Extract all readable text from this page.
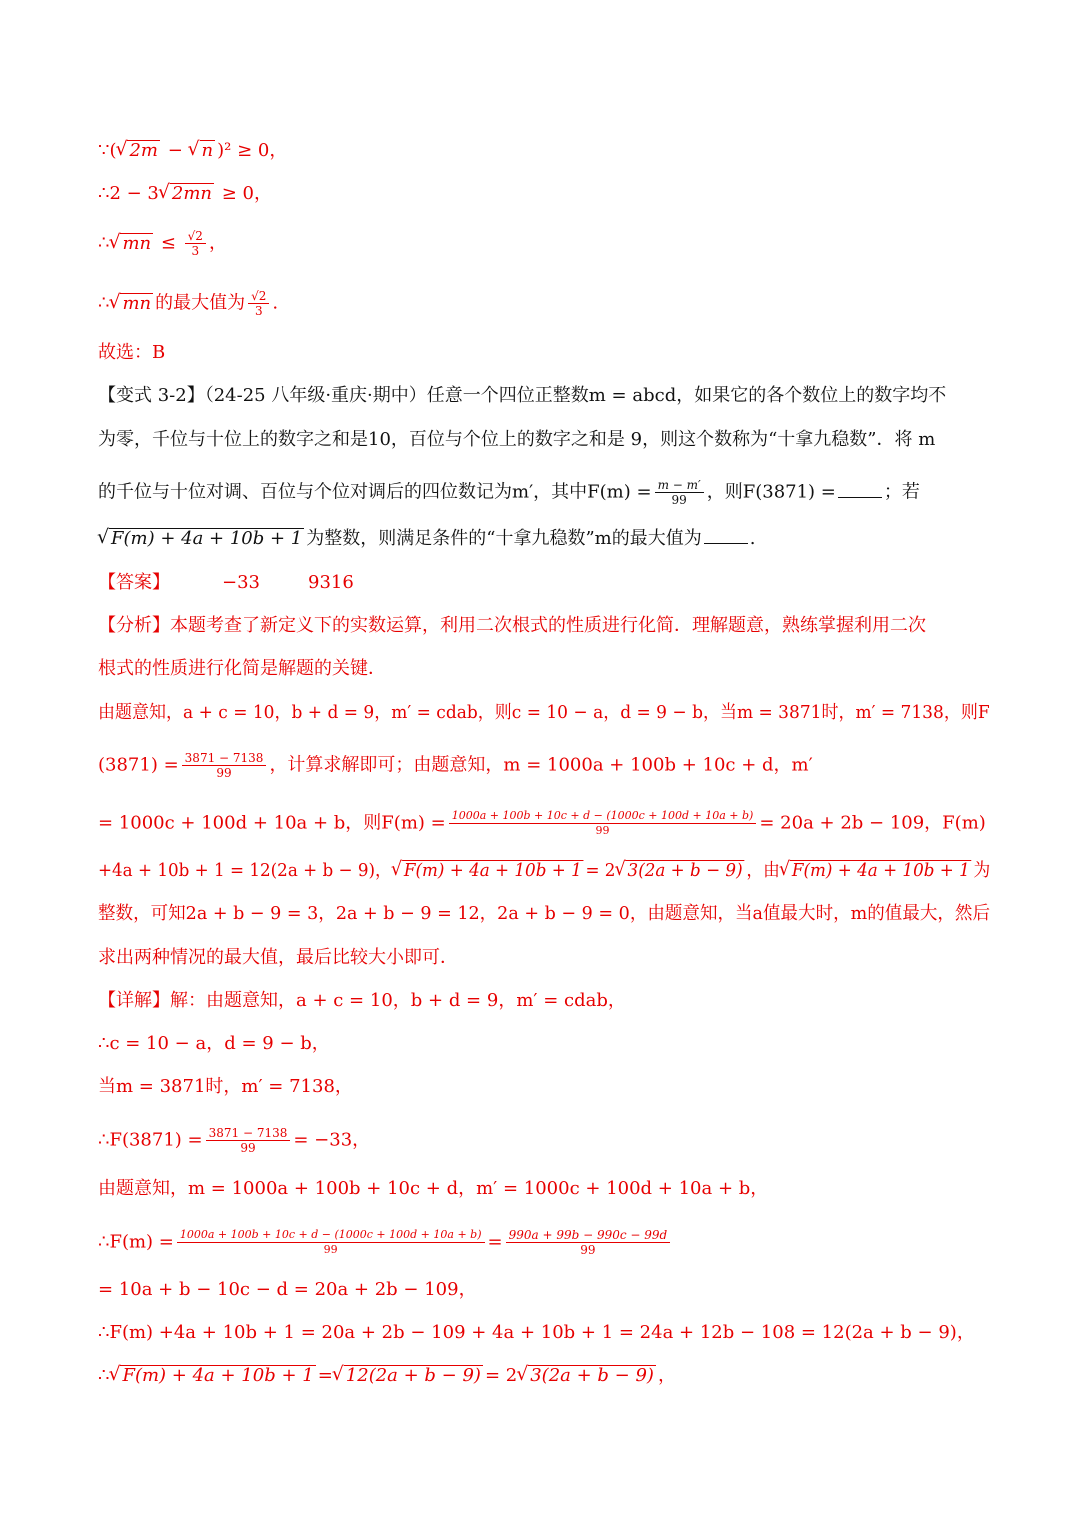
∵( √ 2m − √ n )² ≥ 0，
∴2 − 3 √ 2mn ≥ 0，
∴ √ mn ≤ $\frac{√2}{3}$ ，
∴ √ mn 的最大值为 $\frac{√2}{3}$ .
故选：B
【变式 3-2】（24-25 八年级·重庆·期中）任意一个四位正整数m = abcd，如果它的各个数位上的数字均不
为零，千位与十位上的数字之和是10，百位与个位上的数字之和是 9，则这个数称为“十拿九稳数”．将 m
的千位与十位对调、百位与个位对调后的四位数记为m′，其中$F(m) = \frac{m - m'}{99}$ ，则F(3871) =	；若
√ F(m) + 4a + 10b + 1 为整数，则满足条件的“十拿九稳数”m的最大值为	.
【答案】	−33	9316
【分析】本题考查了新定义下的实数运算，利用二次根式的性质进行化简．理解题意，熟练掌握利用二次
根式的性质进行化简是解题的关键．
由题意知，a + c = 10，b + d = 9，m′ = cdab，则c = 10 − a，d = 9 − b，当m = 3871时，m′ = 7138，则F
$(3871) = \frac{3871 - 7138}{99}$ ，计算求解即可；由题意知，m = 1000a + 100b + 10c + d，m′
= 1000c + 100d + 10a + b，则$F(m) = \frac{1000a + 100b + 10c + d - (1000c + 100d + 10a + b)}{99} = 20a + 2b - 109$，F(m)
+4a + 10b + 1 = 12(2a + b − 9)， √ F(m) + 4a + 10b + 1 = 2 √ 3(2a + b − 9) ，由 √ F(m) + 4a + 10b + 1 为
整数，可知2a + b − 9 = 3，2a + b − 9 = 12，2a + b − 9 = 0，由题意知，当a值最大时，m的值最大，然后
求出两种情况的最大值，最后比较大小即可．
【详解】解：由题意知，a + c = 10，b + d = 9，m′ = cdab，
∴c = 10 − a，d = 9 − b，
当m = 3871时，m′ = 7138，
∴F(3871) = $\frac{3871 - 7138}{99} = -33$，
由题意知，m = 1000a + 100b + 10c + d，m′ = 1000c + 100d + 10a + b，
∴F(m) = $\frac{1000a + 100b + 10c + d - (1000c + 100d + 10a + b)}{99} = \frac{990a + 99b - 990c - 99d}{99}$
= 10a + b − 10c − d = 20a + 2b − 109，
∴F(m) +4a + 10b + 1 = 20a + 2b − 109 + 4a + 10b + 1 = 24a + 12b − 108 = 12(2a + b − 9)，
∴ √ F(m) + 4a + 10b + 1 = √ 12(2a + b − 9) = 2 √ 3(2a + b − 9) ，
